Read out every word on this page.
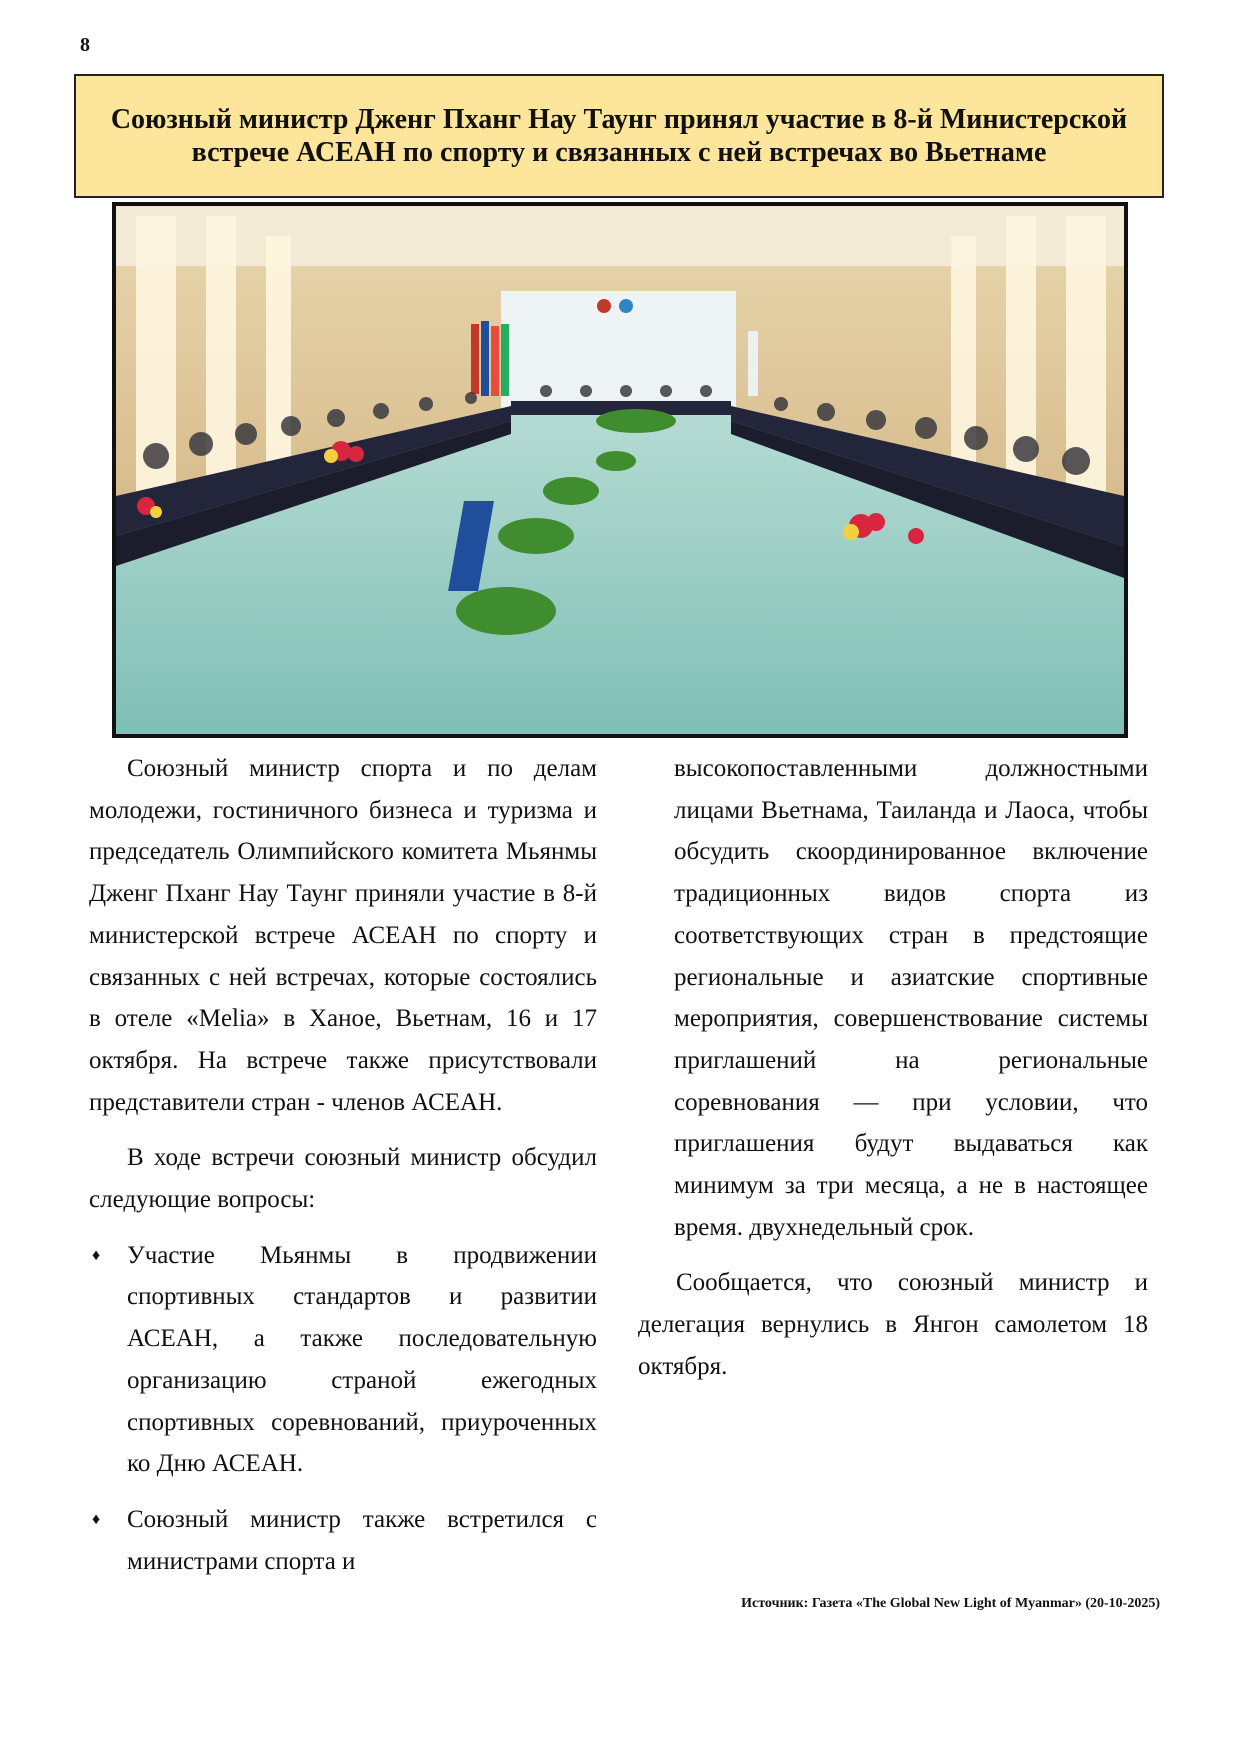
8
Союзный министр Дженг Пханг Нау Таунг принял участие в 8-й Министерской встрече АСЕАН по спорту и связанных с ней встречах во Вьетнаме

Союзный министр спорта и по делам молодежи, гостиничного бизнеса и туризма и председатель Олимпийского комитета Мьянмы Дженг Пханг Нау Таунг приняли участие в 8-й министерской встрече АСЕАН по спорту и связанных с ней встречах, которые состоялись в отеле «Melia» в Ханое, Вьетнам, 16 и 17 октября. На встрече также присутствовали представители стран - членов АСЕАН.

В ходе встречи союзный министр обсудил следующие вопросы:

♦ Участие Мьянмы в продвижении спортивных стандартов и развитии АСЕАН, а также последовательную организацию страной ежегодных спортивных соревнований, приуроченных ко Дню АСЕАН.
♦ Союзный министр также встретился с министрами спорта и

высокопоставленными должностными лицами Вьетнама, Таиланда и Лаоса, чтобы обсудить скоординированное включение традиционных видов спорта из соответствующих стран в предстоящие региональные и азиатские спортивные мероприятия, совершенствование системы приглашений на региональные соревнования — при условии, что приглашения будут выдаваться как минимум за три месяца, а не в настоящее время. двухнедельный срок.

Сообщается, что союзный министр и делегация вернулись в Янгон самолетом 18 октября.

Источник: Газета «The Global New Light of Myanmar» (20-10-2025)
